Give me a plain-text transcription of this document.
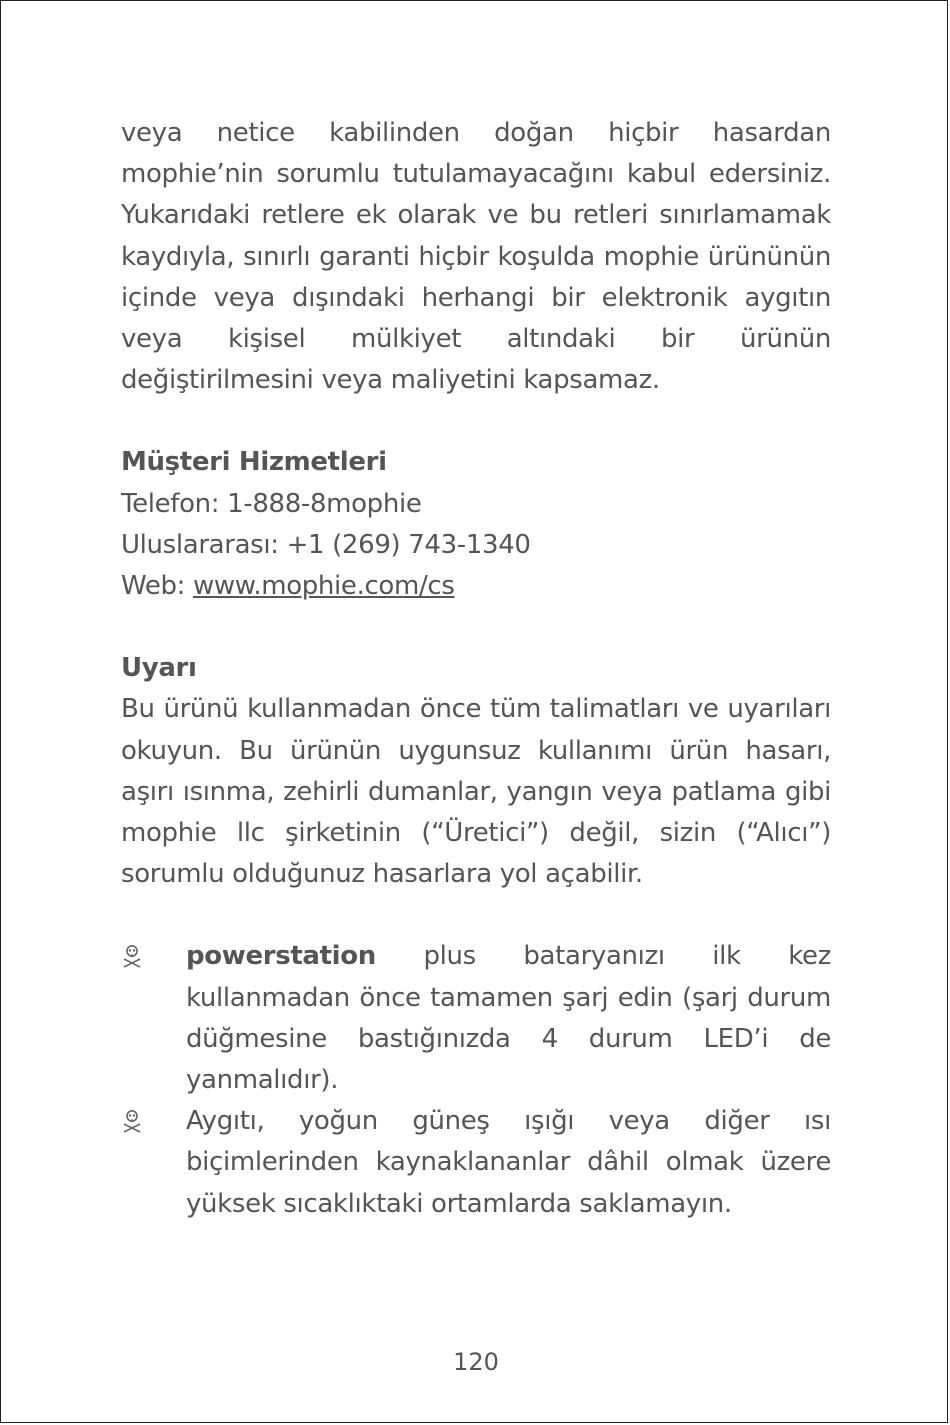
veya netice kabilinden doğan hiçbir hasardan mophie’nin sorumlu tutulamayacağını kabul edersiniz. Yukarıdaki retlere ek olarak ve bu retleri sınırlamamak kaydıyla, sınırlı garanti hiçbir koşulda mophie ürününün içinde veya dışındaki herhangi bir elektronik aygıtın veya kişisel mülkiyet altındaki bir ürünün değiştirilmesini veya maliyetini kapsamaz.

Müşteri Hizmetleri

Telefon: 1-888-8mophie

Uluslararası: +1 (269) 743-1340

Web: www.mophie.com/cs

Uyarı

Bu ürünü kullanmadan önce tüm talimatları ve uyarıları okuyun. Bu ürünün uygunsuz kullanımı ürün hasarı, aşırı ısınma, zehirli dumanlar, yangın veya patlama gibi mophie llc şirketinin (“Üretici”) değil, sizin (“Alıcı”) sorumlu olduğunuz hasarlara yol açabilir.

powerstation plus bataryanızı ilk kez kullanmadan önce tamamen şarj edin (şarj durum düğmesine bastığınızda 4 durum LED’i de yanmalıdır).
Aygıtı, yoğun güneş ışığı veya diğer ısı biçimlerinden kaynaklananlar dâhil olmak üzere yüksek sıcaklıktaki ortamlarda saklamayın.
120
